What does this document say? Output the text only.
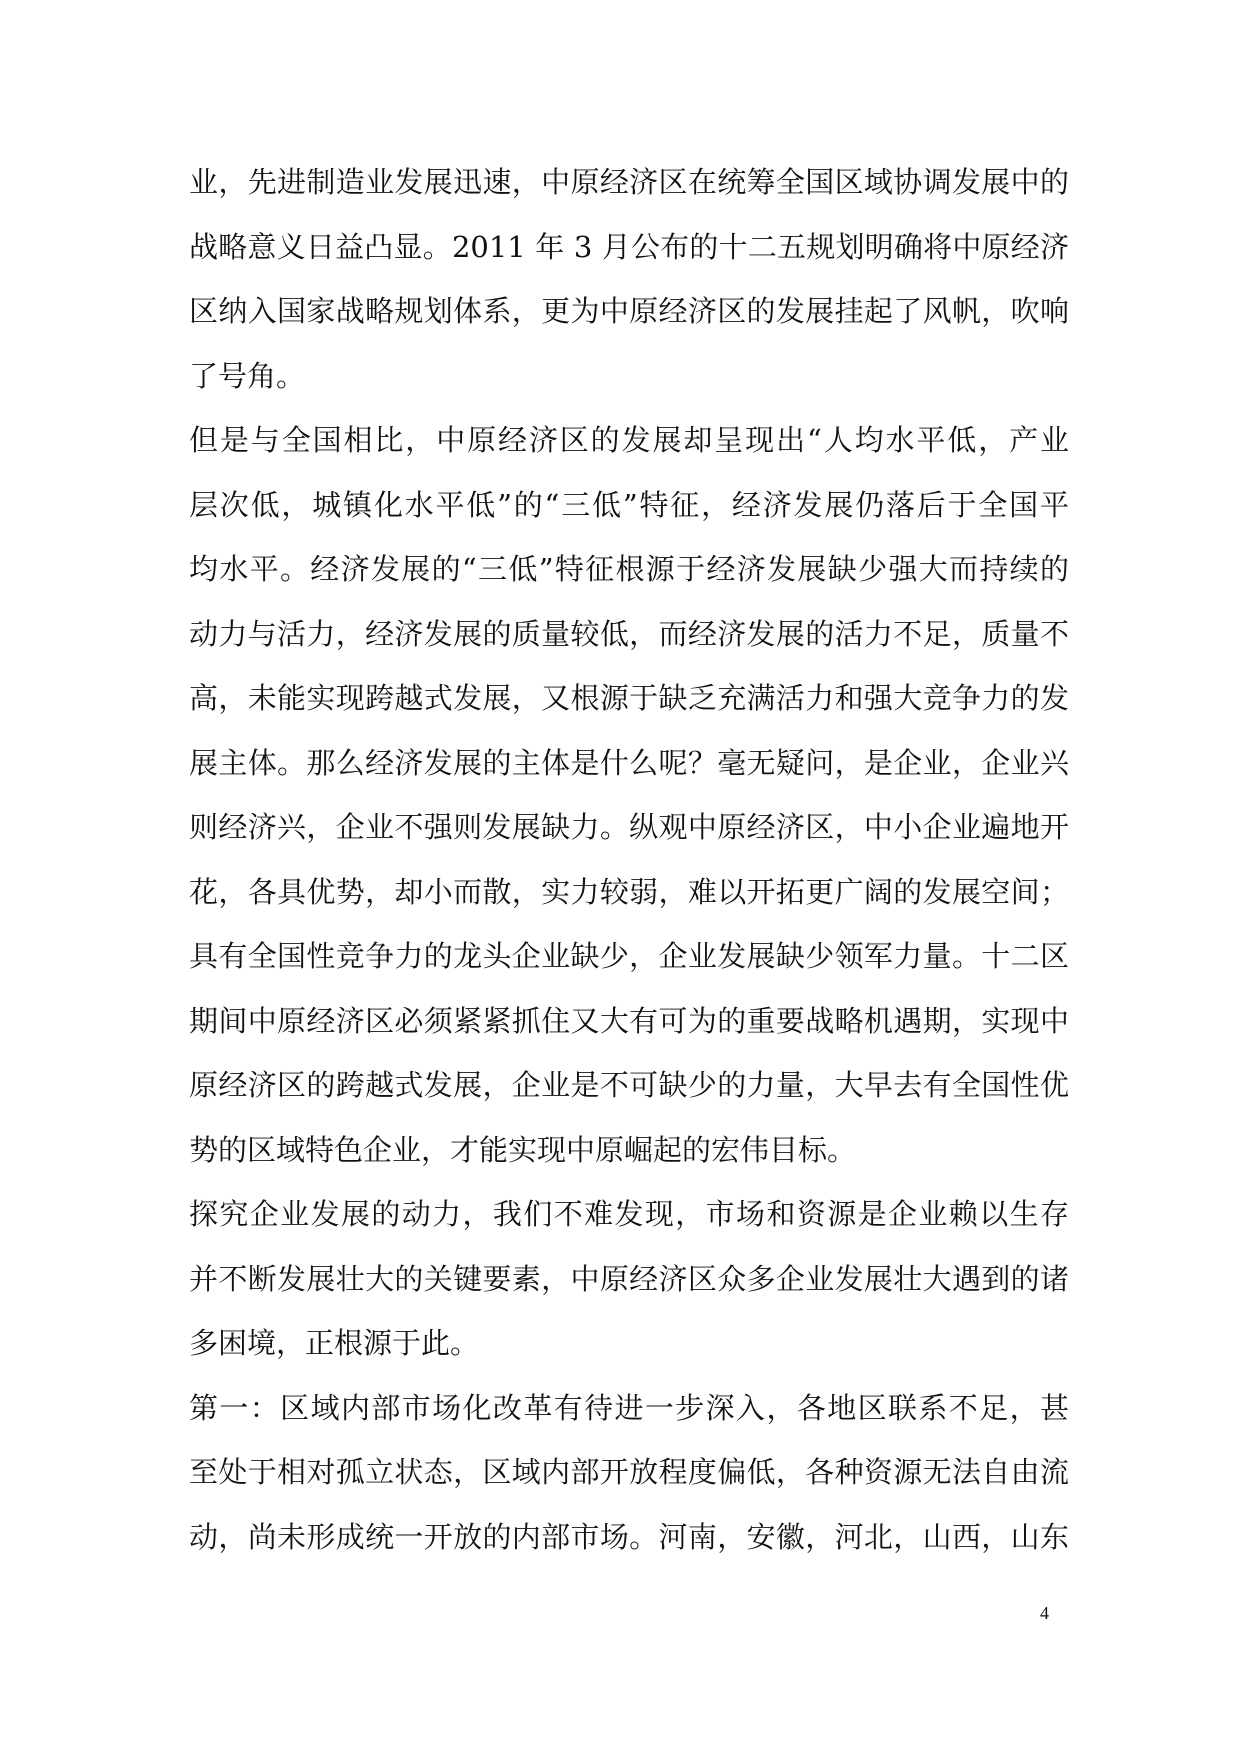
业，先进制造业发展迅速，中原经济区在统筹全国区域协调发展中的
战略意义日益凸显。2011 年 3 月公布的十二五规划明确将中原经济
区纳入国家战略规划体系，更为中原经济区的发展挂起了风帆，吹响
了号角。
但是与全国相比，中原经济区的发展却呈现出“人均水平低，产业
层次低，城镇化水平低”的“三低”特征，经济发展仍落后于全国平
均水平。经济发展的“三低”特征根源于经济发展缺少强大而持续的
动力与活力，经济发展的质量较低，而经济发展的活力不足，质量不
高，未能实现跨越式发展，又根源于缺乏充满活力和强大竞争力的发
展主体。那么经济发展的主体是什么呢？毫无疑问，是企业，企业兴
则经济兴，企业不强则发展缺力。纵观中原经济区，中小企业遍地开
花，各具优势，却小而散，实力较弱，难以开拓更广阔的发展空间；
具有全国性竞争力的龙头企业缺少，企业发展缺少领军力量。十二区
期间中原经济区必须紧紧抓住又大有可为的重要战略机遇期，实现中
原经济区的跨越式发展，企业是不可缺少的力量，大早去有全国性优
势的区域特色企业，才能实现中原崛起的宏伟目标。
探究企业发展的动力，我们不难发现，市场和资源是企业赖以生存
并不断发展壮大的关键要素，中原经济区众多企业发展壮大遇到的诸
多困境，正根源于此。
第一：区域内部市场化改革有待进一步深入，各地区联系不足，甚
至处于相对孤立状态，区域内部开放程度偏低，各种资源无法自由流
动，尚未形成统一开放的内部市场。河南，安徽，河北，山西，山东
4
